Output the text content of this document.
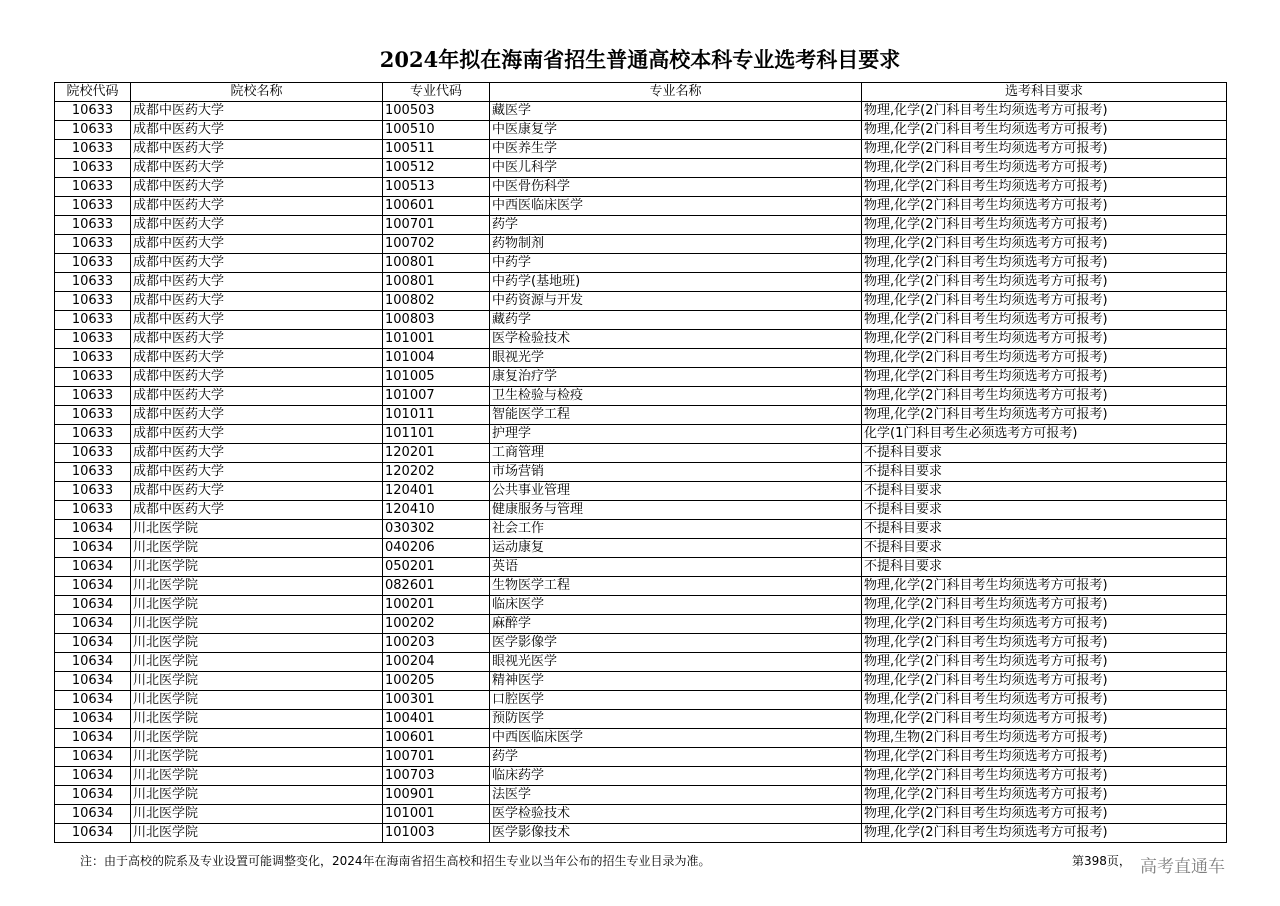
2024年拟在海南省招生普通高校本科专业选考科目要求
院校代码	院校名称	专业代码	专业名称	选考科目要求
10633	成都中医药大学	100503	藏医学	物理,化学(2门科目考生均须选考方可报考)
10633	成都中医药大学	100510	中医康复学	物理,化学(2门科目考生均须选考方可报考)
10633	成都中医药大学	100511	中医养生学	物理,化学(2门科目考生均须选考方可报考)
10633	成都中医药大学	100512	中医儿科学	物理,化学(2门科目考生均须选考方可报考)
10633	成都中医药大学	100513	中医骨伤科学	物理,化学(2门科目考生均须选考方可报考)
10633	成都中医药大学	100601	中西医临床医学	物理,化学(2门科目考生均须选考方可报考)
10633	成都中医药大学	100701	药学	物理,化学(2门科目考生均须选考方可报考)
10633	成都中医药大学	100702	药物制剂	物理,化学(2门科目考生均须选考方可报考)
10633	成都中医药大学	100801	中药学	物理,化学(2门科目考生均须选考方可报考)
10633	成都中医药大学	100801	中药学(基地班)	物理,化学(2门科目考生均须选考方可报考)
10633	成都中医药大学	100802	中药资源与开发	物理,化学(2门科目考生均须选考方可报考)
10633	成都中医药大学	100803	藏药学	物理,化学(2门科目考生均须选考方可报考)
10633	成都中医药大学	101001	医学检验技术	物理,化学(2门科目考生均须选考方可报考)
10633	成都中医药大学	101004	眼视光学	物理,化学(2门科目考生均须选考方可报考)
10633	成都中医药大学	101005	康复治疗学	物理,化学(2门科目考生均须选考方可报考)
10633	成都中医药大学	101007	卫生检验与检疫	物理,化学(2门科目考生均须选考方可报考)
10633	成都中医药大学	101011	智能医学工程	物理,化学(2门科目考生均须选考方可报考)
10633	成都中医药大学	101101	护理学	化学(1门科目考生必须选考方可报考)
10633	成都中医药大学	120201	工商管理	不提科目要求
10633	成都中医药大学	120202	市场营销	不提科目要求
10633	成都中医药大学	120401	公共事业管理	不提科目要求
10633	成都中医药大学	120410	健康服务与管理	不提科目要求
10634	川北医学院	030302	社会工作	不提科目要求
10634	川北医学院	040206	运动康复	不提科目要求
10634	川北医学院	050201	英语	不提科目要求
10634	川北医学院	082601	生物医学工程	物理,化学(2门科目考生均须选考方可报考)
10634	川北医学院	100201	临床医学	物理,化学(2门科目考生均须选考方可报考)
10634	川北医学院	100202	麻醉学	物理,化学(2门科目考生均须选考方可报考)
10634	川北医学院	100203	医学影像学	物理,化学(2门科目考生均须选考方可报考)
10634	川北医学院	100204	眼视光医学	物理,化学(2门科目考生均须选考方可报考)
10634	川北医学院	100205	精神医学	物理,化学(2门科目考生均须选考方可报考)
10634	川北医学院	100301	口腔医学	物理,化学(2门科目考生均须选考方可报考)
10634	川北医学院	100401	预防医学	物理,化学(2门科目考生均须选考方可报考)
10634	川北医学院	100601	中西医临床医学	物理,生物(2门科目考生均须选考方可报考)
10634	川北医学院	100701	药学	物理,化学(2门科目考生均须选考方可报考)
10634	川北医学院	100703	临床药学	物理,化学(2门科目考生均须选考方可报考)
10634	川北医学院	100901	法医学	物理,化学(2门科目考生均须选考方可报考)
10634	川北医学院	101001	医学检验技术	物理,化学(2门科目考生均须选考方可报考)
10634	川北医学院	101003	医学影像技术	物理,化学(2门科目考生均须选考方可报考)
注：由于高校的院系及专业设置可能调整变化，2024年在海南省招生高校和招生专业以当年公布的招生专业目录为准。	第398页， 高考直通车
